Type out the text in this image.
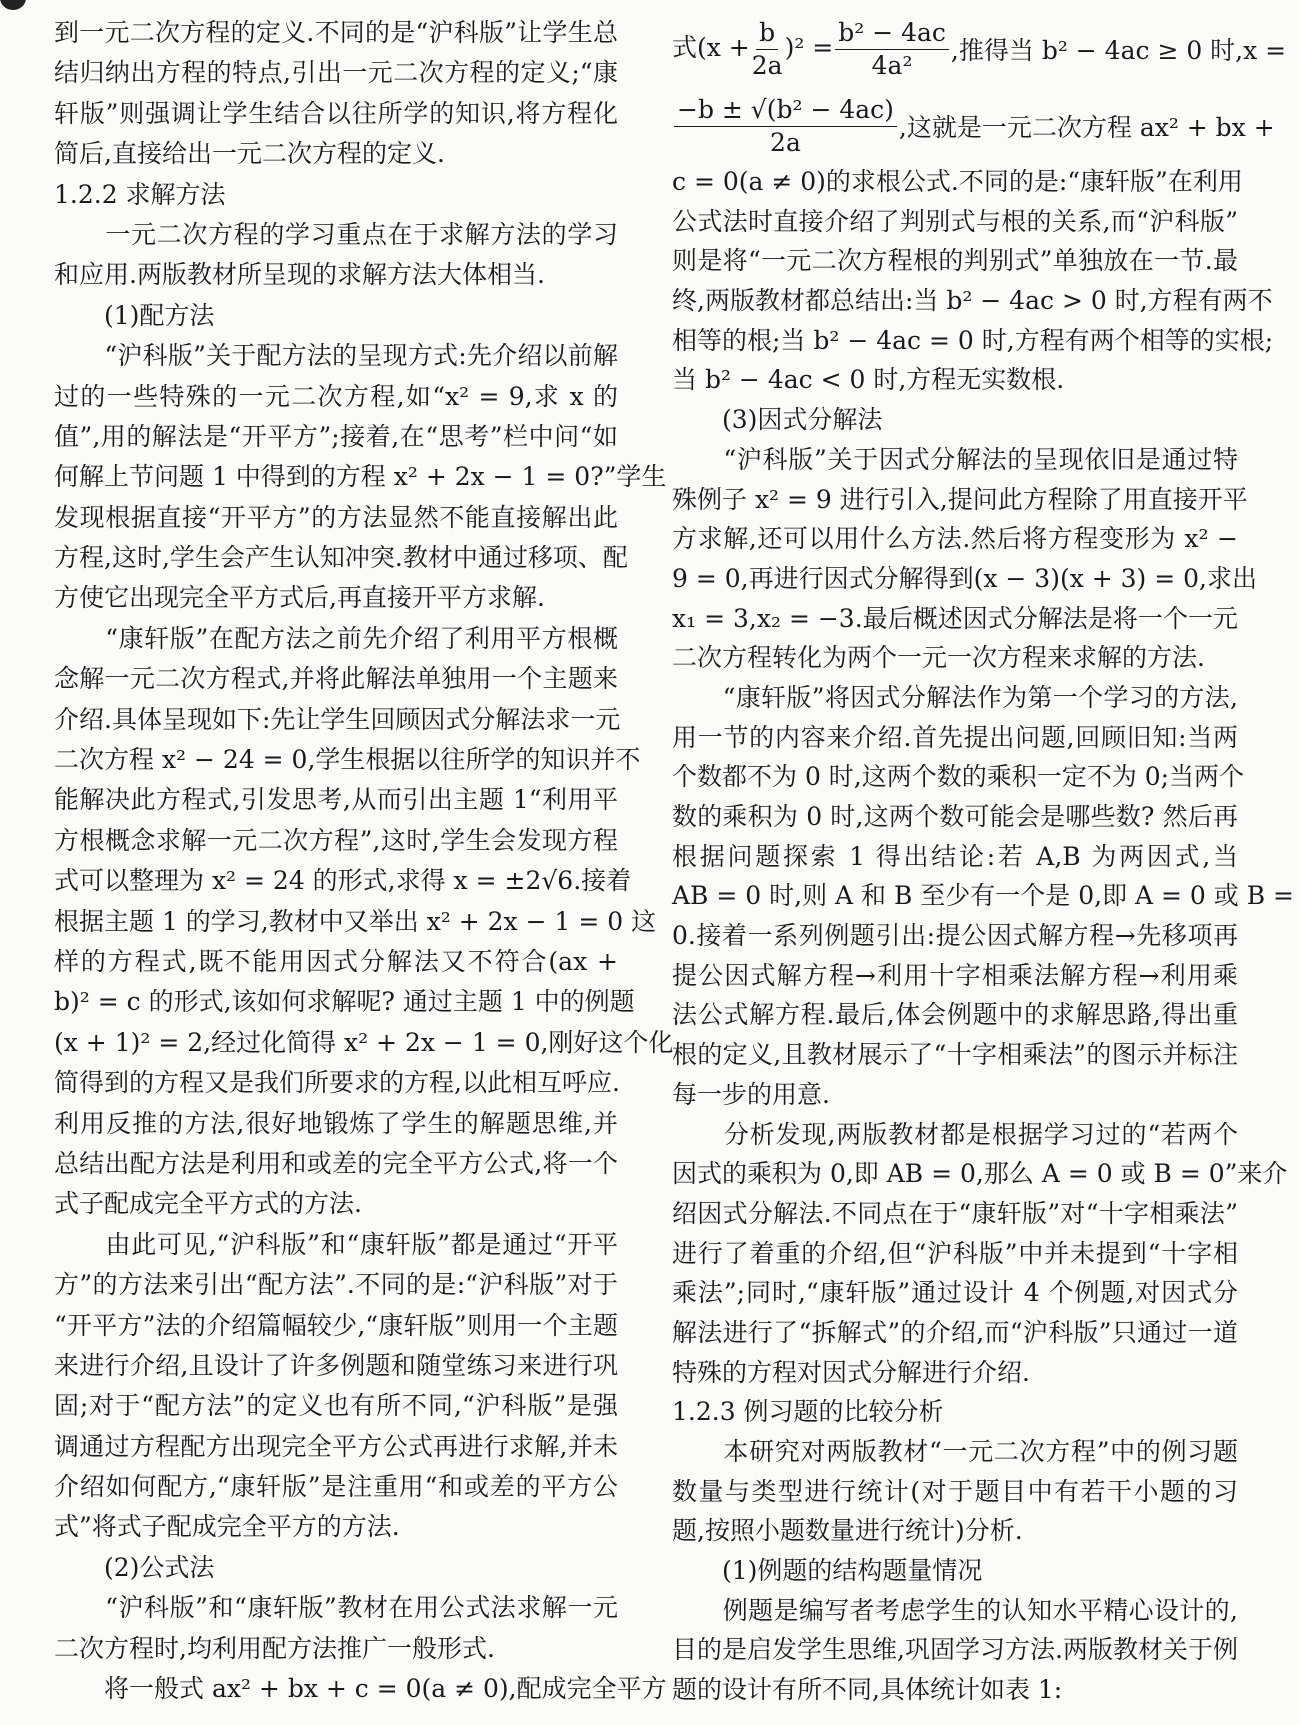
到一元二次方程的定义.不同的是“沪科版”让学生总
结归纳出方程的特点,引出一元二次方程的定义;“康
轩版”则强调让学生结合以往所学的知识,将方程化
简后,直接给出一元二次方程的定义.
1.2.2 求解方法
　　一元二次方程的学习重点在于求解方法的学习
和应用.两版教材所呈现的求解方法大体相当.
　　(1)配方法
　　“沪科版”关于配方法的呈现方式:先介绍以前解
过的一些特殊的一元二次方程,如“x² = 9,求 x 的
值”,用的解法是“开平方”;接着,在“思考”栏中问“如
何解上节问题 1 中得到的方程 x² + 2x − 1 = 0?”学生
发现根据直接“开平方”的方法显然不能直接解出此
方程,这时,学生会产生认知冲突.教材中通过移项、配
方使它出现完全平方式后,再直接开平方求解.
　　“康轩版”在配方法之前先介绍了利用平方根概
念解一元二次方程式,并将此解法单独用一个主题来
介绍.具体呈现如下:先让学生回顾因式分解法求一元
二次方程 x² − 24 = 0,学生根据以往所学的知识并不
能解决此方程式,引发思考,从而引出主题 1“利用平
方根概念求解一元二次方程”,这时,学生会发现方程
式可以整理为 x² = 24 的形式,求得 x = ±2√6.接着
根据主题 1 的学习,教材中又举出 x² + 2x − 1 = 0 这
样的方程式,既不能用因式分解法又不符合(ax +
b)² = c 的形式,该如何求解呢? 通过主题 1 中的例题
(x + 1)² = 2,经过化简得 x² + 2x − 1 = 0,刚好这个化
简得到的方程又是我们所要求的方程,以此相互呼应.
利用反推的方法,很好地锻炼了学生的解题思维,并
总结出配方法是利用和或差的完全平方公式,将一个
式子配成完全平方式的方法.
　　由此可见,“沪科版”和“康轩版”都是通过“开平
方”的方法来引出“配方法”.不同的是:“沪科版”对于
“开平方”法的介绍篇幅较少,“康轩版”则用一个主题
来进行介绍,且设计了许多例题和随堂练习来进行巩
固;对于“配方法”的定义也有所不同,“沪科版”是强
调通过方程配方出现完全平方公式再进行求解,并未
介绍如何配方,“康轩版”是注重用“和或差的平方公
式”将式子配成完全平方的方法.
　　(2)公式法
　　“沪科版”和“康轩版”教材在用公式法求解一元
二次方程时,均利用配方法推广一般形式.
　　将一般式 ax² + bx + c = 0(a ≠ 0),配成完全平方
式$(x + \frac{b}{2a} )^2 = \frac{\text{b² − 4ac}}{\text{4a²}}$ ,推得当 b² − 4ac ≥ 0 时,x =
$\frac{\text{−b ± √(b² − 4ac)}}{2a}$ ,这就是一元二次方程 ax² + bx +
c = 0(a ≠ 0)的求根公式.不同的是:“康轩版”在利用
公式法时直接介绍了判别式与根的关系,而“沪科版”
则是将“一元二次方程根的判别式”单独放在一节.最
终,两版教材都总结出:当 b² − 4ac > 0 时,方程有两不
相等的根;当 b² − 4ac = 0 时,方程有两个相等的实根;
当 b² − 4ac < 0 时,方程无实数根.
　　(3)因式分解法
　　“沪科版”关于因式分解法的呈现依旧是通过特
殊例子 x² = 9 进行引入,提问此方程除了用直接开平
方求解,还可以用什么方法.然后将方程变形为 x² −
9 = 0,再进行因式分解得到(x − 3)(x + 3) = 0,求出
x₁ = 3,x₂ = −3.最后概述因式分解法是将一个一元
二次方程转化为两个一元一次方程来求解的方法.
　　“康轩版”将因式分解法作为第一个学习的方法,
用一节的内容来介绍.首先提出问题,回顾旧知:当两
个数都不为 0 时,这两个数的乘积一定不为 0;当两个
数的乘积为 0 时,这两个数可能会是哪些数? 然后再
根据问题探索 1 得出结论:若 A,B 为两因式,当
AB = 0 时,则 A 和 B 至少有一个是 0,即 A = 0 或 B =
0.接着一系列例题引出:提公因式解方程→先移项再
提公因式解方程→利用十字相乘法解方程→利用乘
法公式解方程.最后,体会例题中的求解思路,得出重
根的定义,且教材展示了“十字相乘法”的图示并标注
每一步的用意.
　　分析发现,两版教材都是根据学习过的“若两个
因式的乘积为 0,即 AB = 0,那么 A = 0 或 B = 0”来介
绍因式分解法.不同点在于“康轩版”对“十字相乘法”
进行了着重的介绍,但“沪科版”中并未提到“十字相
乘法”;同时,“康轩版”通过设计 4 个例题,对因式分
解法进行了“拆解式”的介绍,而“沪科版”只通过一道
特殊的方程对因式分解进行介绍.
1.2.3 例习题的比较分析
　　本研究对两版教材“一元二次方程”中的例习题
数量与类型进行统计(对于题目中有若干小题的习
题,按照小题数量进行统计)分析.
　　(1)例题的结构题量情况
　　例题是编写者考虑学生的认知水平精心设计的,
目的是启发学生思维,巩固学习方法.两版教材关于例
题的设计有所不同,具体统计如表 1:
